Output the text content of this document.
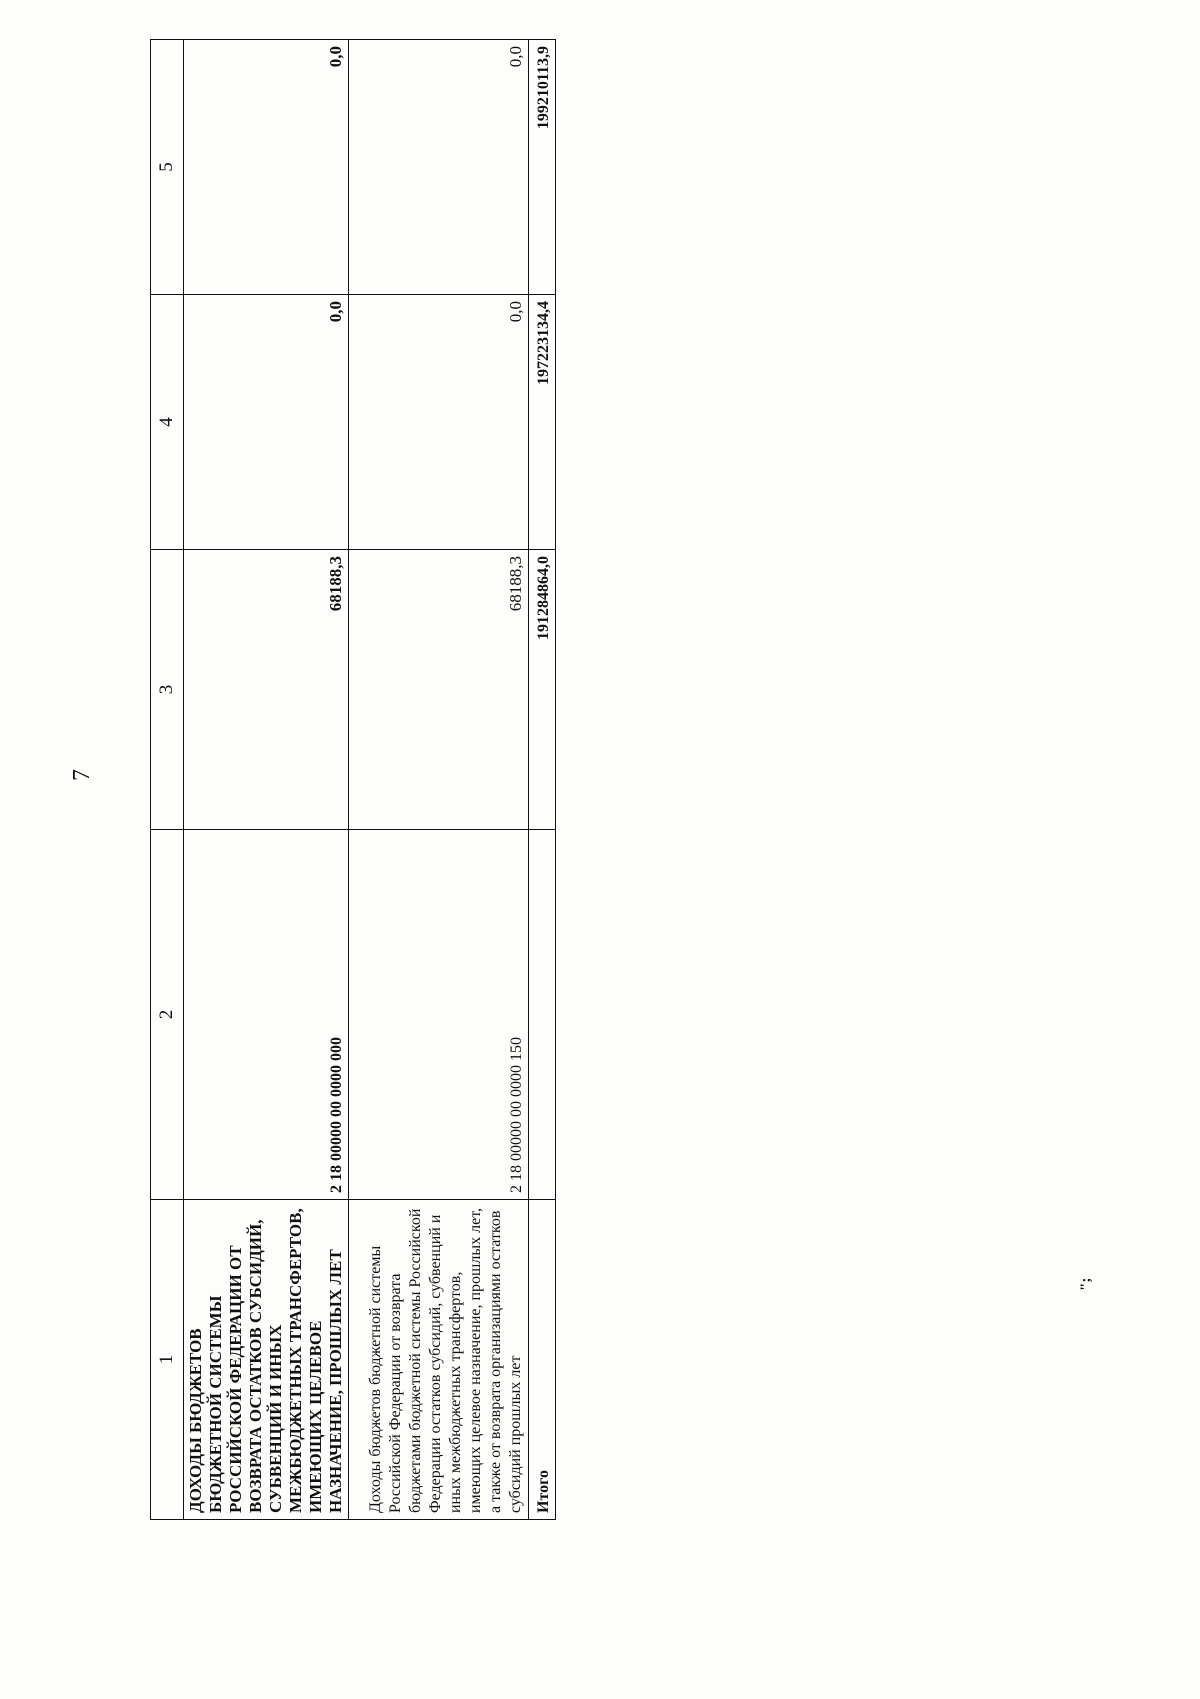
7
1	2	3	4	5
ДОХОДЫ БЮДЖЕТОВ БЮДЖЕТНОЙ СИСТЕМЫ РОССИЙСКОЙ ФЕДЕРАЦИИ ОТ ВОЗВРАТА ОСТАТКОВ СУБСИДИЙ, СУБВЕНЦИЙ И ИНЫХ МЕЖБЮДЖЕТНЫХ ТРАНСФЕРТОВ, ИМЕЮЩИХ ЦЕЛЕВОЕ НАЗНАЧЕНИЕ, ПРОШЛЫХ ЛЕТ	2 18 00000 00 0000 000	68188,3	0,0	0,0
Доходы бюджетов бюджетной системы Российской Федерации от возврата бюджетами бюджетной системы Российской Федерации остатков субсидий, субвенций и иных межбюджетных трансфертов, имеющих целевое назначение, прошлых лет, а также от возврата организациями остатков субсидий прошлых лет	2 18 00000 00 0000 150	68188,3	0,0	0,0
Итого		191284864,0	197223134,4	199210113,9
";
